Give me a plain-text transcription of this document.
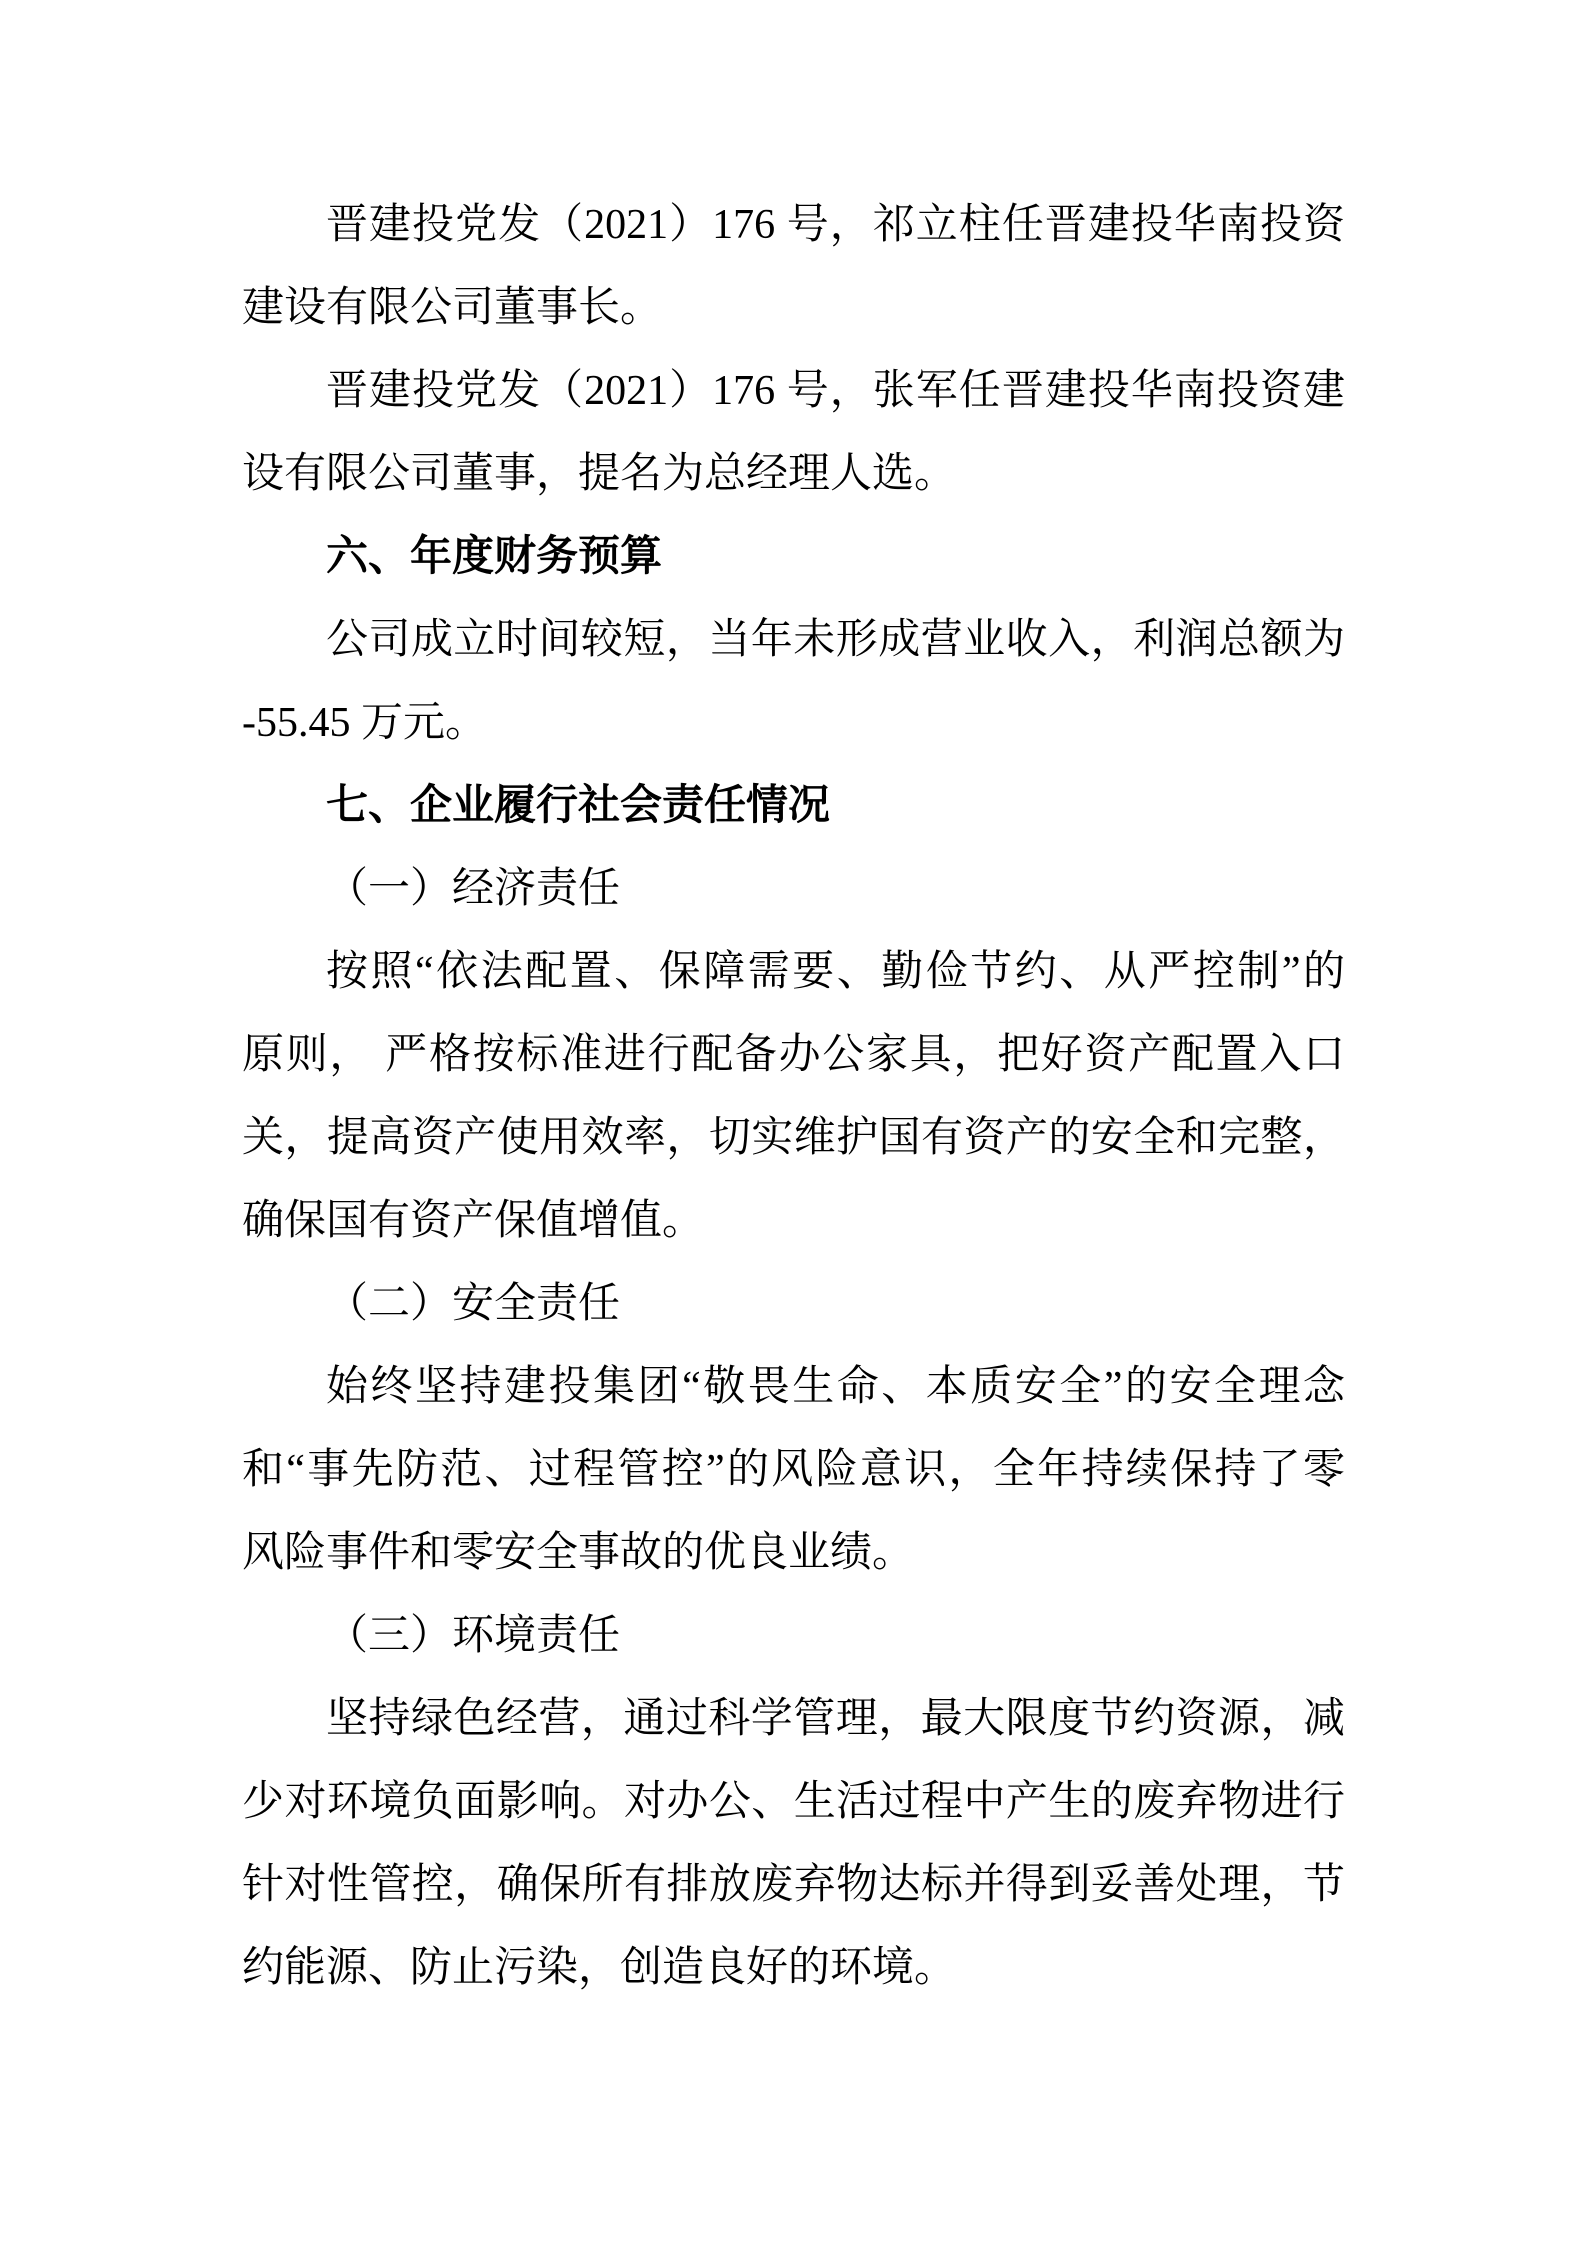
晋建投党发（2021）176 号，祁立柱任晋建投华南投资
建设有限公司董事长。
晋建投党发（2021）176 号，张军任晋建投华南投资建
设有限公司董事，提名为总经理人选。
六、年度财务预算
公司成立时间较短，当年未形成营业收入，利润总额为
-55.45 万元。
七、企业履行社会责任情况
（一）经济责任
按照“依法配置、保障需要、勤俭节约、从严控制”的
原则， 严格按标准进行配备办公家具，把好资产配置入口
关，提高资产使用效率，切实维护国有资产的安全和完整，
确保国有资产保值增值。
（二）安全责任
始终坚持建投集团“敬畏生命、本质安全”的安全理念
和“事先防范、过程管控”的风险意识，全年持续保持了零
风险事件和零安全事故的优良业绩。
（三）环境责任
坚持绿色经营，通过科学管理，最大限度节约资源，减
少对环境负面影响。对办公、生活过程中产生的废弃物进行
针对性管控，确保所有排放废弃物达标并得到妥善处理，节
约能源、防止污染，创造良好的环境。
